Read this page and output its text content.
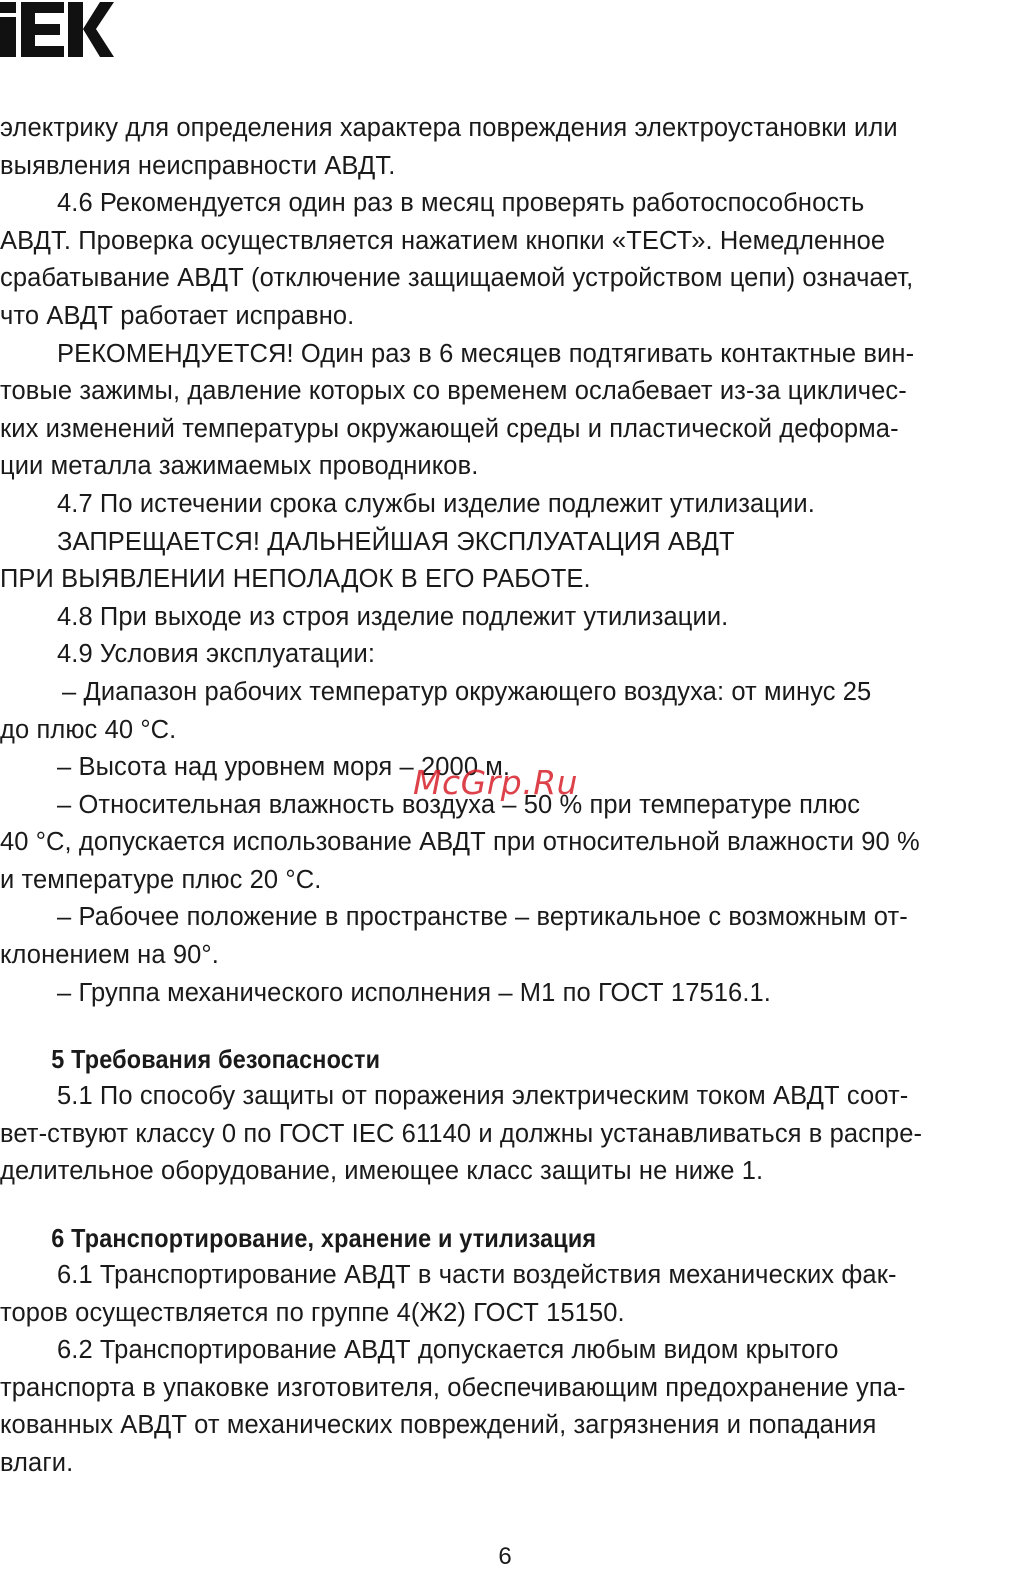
электрику для определения характера повреждения электроустановки или
выявления неисправности АВДТ.
4.6 Рекомендуется один раз в месяц проверять работоспособность
АВДТ. Проверка осуществляется нажатием кнопки «ТЕСТ». Немедленное
срабатывание АВДТ (отключение защищаемой устройством цепи) означает,
что АВДТ работает исправно.
РЕКОМЕНДУЕТСЯ! Один раз в 6 месяцев подтягивать контактные вин-
товые зажимы, давление которых со временем ослабевает из-за цикличес-
ких изменений температуры окружающей среды и пластической деформа-
ции металла зажимаемых проводников.
4.7 По истечении срока службы изделие подлежит утилизации.
ЗАПРЕЩАЕТСЯ! ДАЛЬНЕЙШАЯ ЭКСПЛУАТАЦИЯ АВДТ
ПРИ ВЫЯВЛЕНИИ НЕПОЛАДОК В ЕГО РАБОТЕ.
4.8 При выходе из строя изделие подлежит утилизации.
4.9 Условия эксплуатации:
– Диапазон рабочих температур окружающего воздуха: от минус 25
до плюс 40 °С.
– Высота над уровнем моря – 2000 м.
– Относительная влажность воздуха – 50 % при температуре плюс
40 °С, допускается использование АВДТ при относительной влажности 90 %
и температуре плюс 20 °С.
– Рабочее положение в пространстве – вертикальное с возможным от-
клонением на 90°.
– Группа механического исполнения – М1 по ГОСТ 17516.1.
5 Требования безопасности
5.1 По способу защиты от поражения электрическим током АВДТ соот-
вет-ствуют классу 0 по ГОСТ IEC 61140 и должны устанавливаться в распре-
делительное оборудование, имеющее класс защиты не ниже 1.
6 Транспортирование, хранение и утилизация
6.1 Транспортирование АВДТ в части воздействия механических фак-
торов осуществляется по группе 4(Ж2) ГОСТ 15150.
6.2 Транспортирование АВДТ допускается любым видом крытого
транспорта в упаковке изготовителя, обеспечивающим предохранение упа-
кованных АВДТ от механических повреждений, загрязнения и попадания
влаги.
McGrp.Ru
6
